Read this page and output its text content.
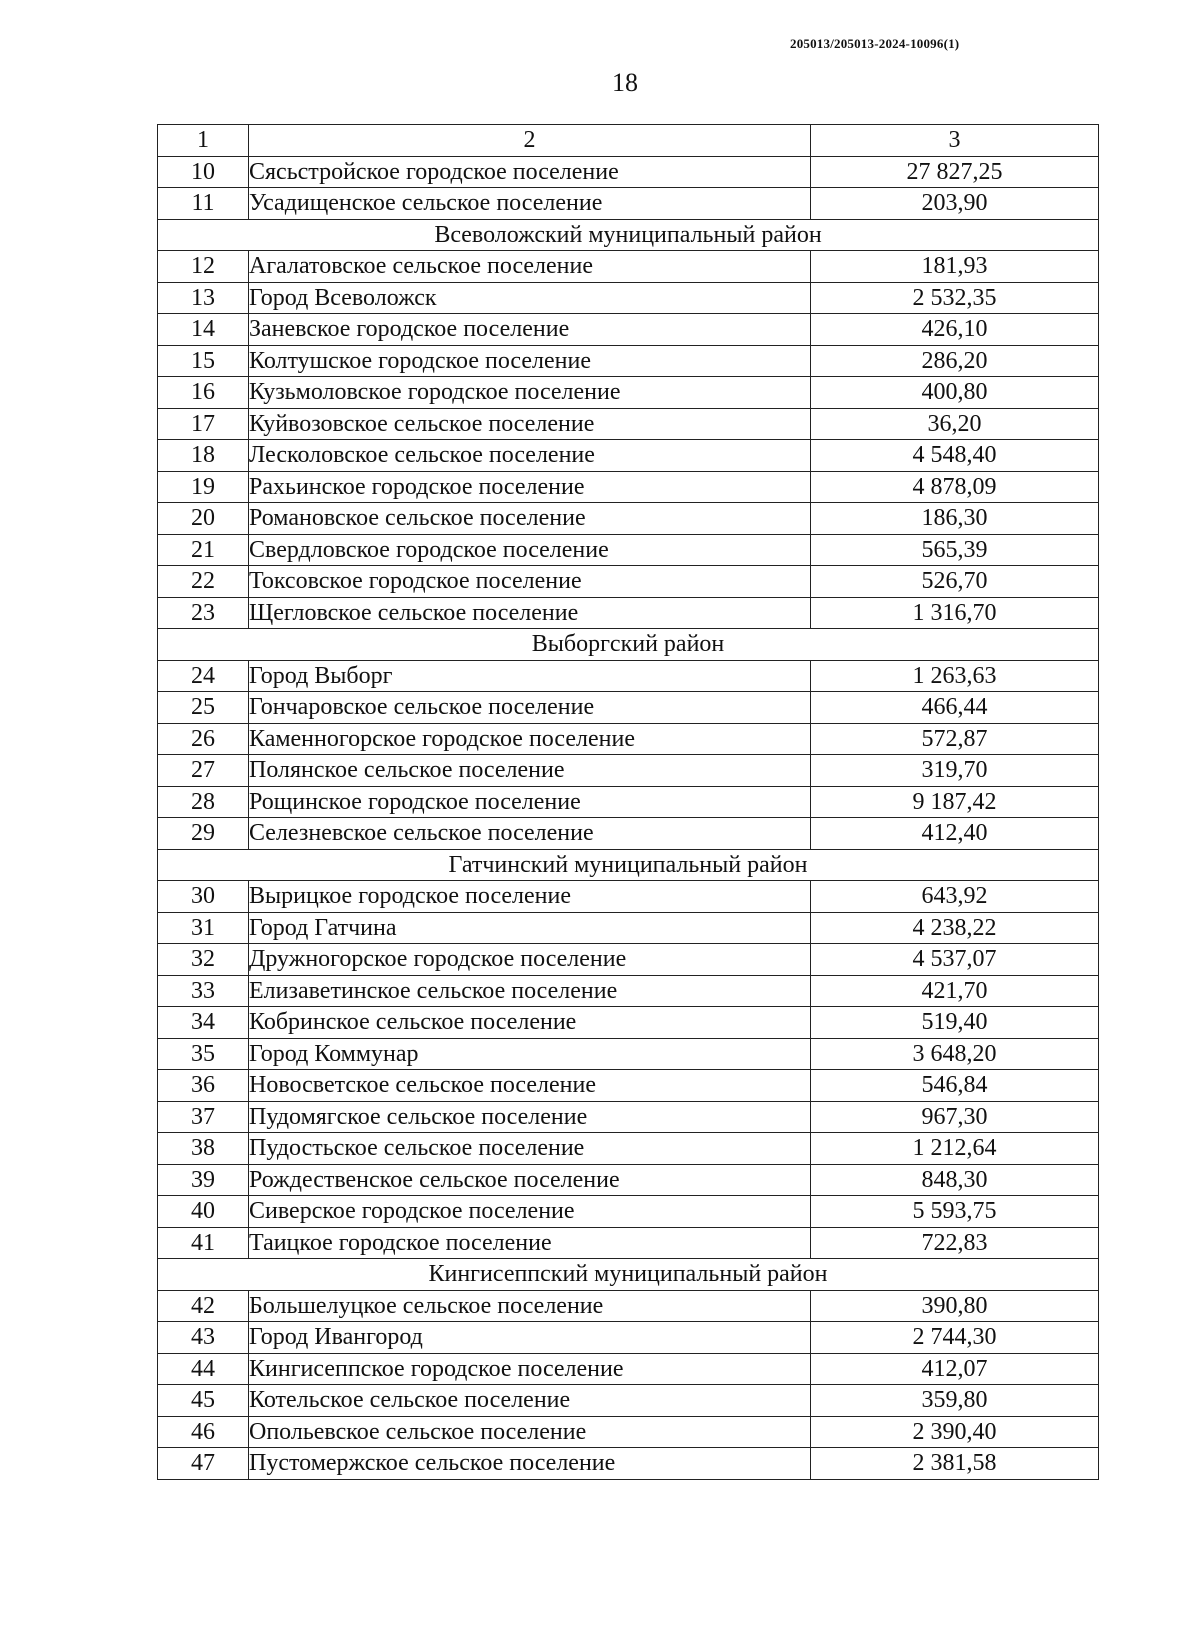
205013/205013-2024-10096(1)
18
1	2	3
10	Сясьстройское городское поселение	27 827,25
11	Усадищенское сельское поселение	203,90
Всеволожский муниципальный район		
12	Агалатовское сельское поселение	181,93
13	Город Всеволожск	2 532,35
14	Заневское городское поселение	426,10
15	Колтушское городское поселение	286,20
16	Кузьмоловское городское поселение	400,80
17	Куйвозовское сельское поселение	36,20
18	Лесколовское сельское поселение	4 548,40
19	Рахьинское городское поселение	4 878,09
20	Романовское сельское поселение	186,30
21	Свердловское городское поселение	565,39
22	Токсовское городское поселение	526,70
23	Щегловское сельское поселение	1 316,70
Выборгский район		
24	Город Выборг	1 263,63
25	Гончаровское сельское поселение	466,44
26	Каменногорское городское поселение	572,87
27	Полянское сельское поселение	319,70
28	Рощинское городское поселение	9 187,42
29	Селезневское сельское поселение	412,40
Гатчинский муниципальный район		
30	Вырицкое городское поселение	643,92
31	Город Гатчина	4 238,22
32	Дружногорское городское поселение	4 537,07
33	Елизаветинское сельское поселение	421,70
34	Кобринское сельское поселение	519,40
35	Город Коммунар	3 648,20
36	Новосветское сельское поселение	546,84
37	Пудомягское сельское поселение	967,30
38	Пудостьское сельское поселение	1 212,64
39	Рождественское сельское поселение	848,30
40	Сиверское городское поселение	5 593,75
41	Таицкое городское поселение	722,83
Кингисеппский муниципальный район		
42	Большелуцкое сельское поселение	390,80
43	Город Ивангород	2 744,30
44	Кингисеппское городское поселение	412,07
45	Котельское сельское поселение	359,80
46	Опольевское сельское поселение	2 390,40
47	Пустомержское сельское поселение	2 381,58
